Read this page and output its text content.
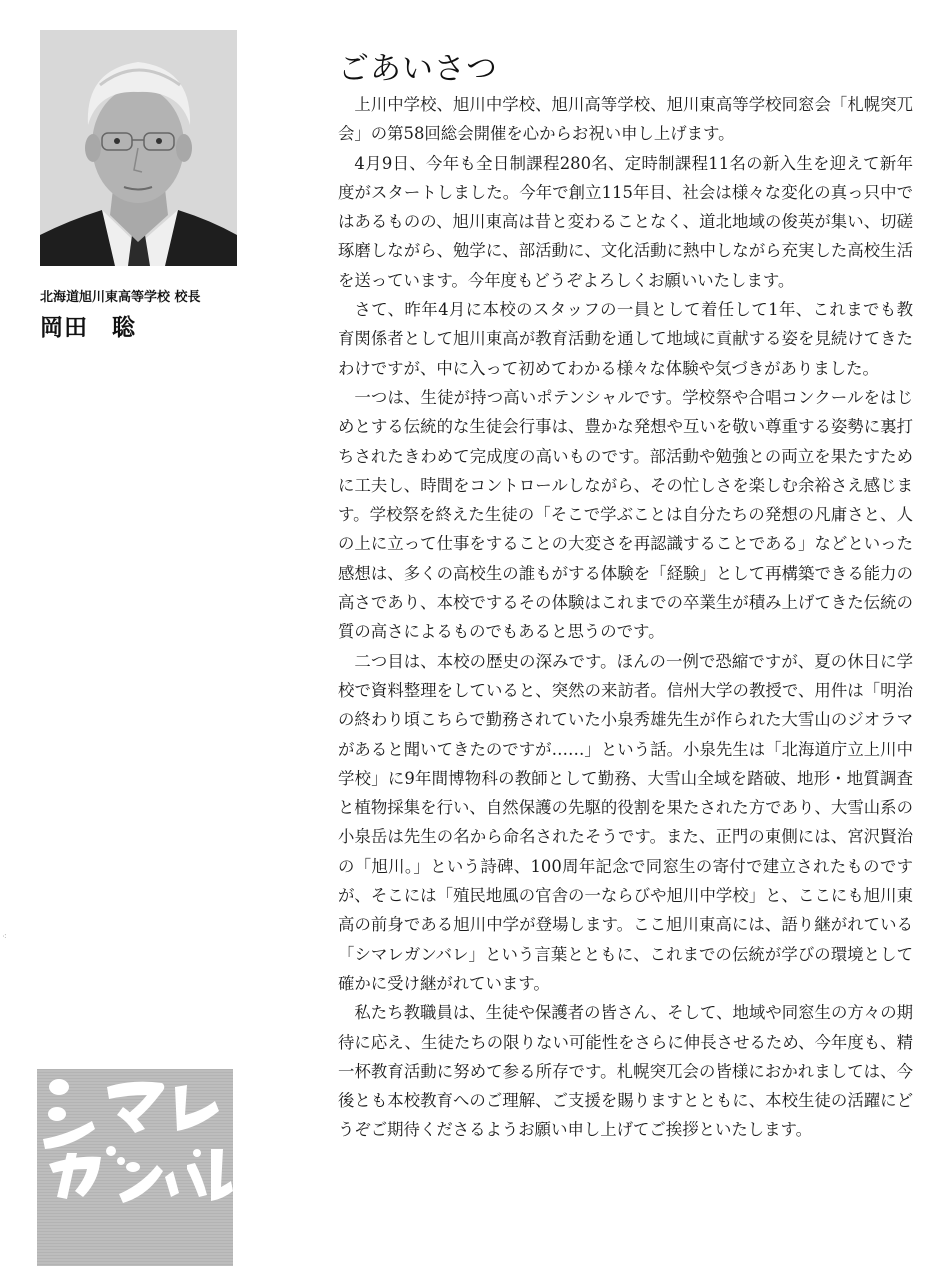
北海道旭川東高等学校 校長
岡田　聡
⁖
ごあいさつ

上川中学校、旭川中学校、旭川高等学校、旭川東高等学校同窓会「札幌突兀会」の第58回総会開催を心からお祝い申し上げます。

4月9日、今年も全日制課程280名、定時制課程11名の新入生を迎えて新年度がスタートしました。今年で創立115年目、社会は様々な変化の真っ只中ではあるものの、旭川東高は昔と変わることなく、道北地域の俊英が集い、切磋琢磨しながら、勉学に、部活動に、文化活動に熱中しながら充実した高校生活を送っています。今年度もどうぞよろしくお願いいたします。

さて、昨年4月に本校のスタッフの一員として着任して1年、これまでも教育関係者として旭川東高が教育活動を通して地域に貢献する姿を見続けてきたわけですが、中に入って初めてわかる様々な体験や気づきがありました。

一つは、生徒が持つ高いポテンシャルです。学校祭や合唱コンクールをはじめとする伝統的な生徒会行事は、豊かな発想や互いを敬い尊重する姿勢に裏打ちされたきわめて完成度の高いものです。部活動や勉強との両立を果たすために工夫し、時間をコントロールしながら、その忙しさを楽しむ余裕さえ感じます。学校祭を終えた生徒の「そこで学ぶことは自分たちの発想の凡庸さと、人の上に立って仕事をすることの大変さを再認識することである」などといった感想は、多くの高校生の誰もがする体験を「経験」として再構築できる能力の高さであり、本校でするその体験はこれまでの卒業生が積み上げてきた伝統の質の高さによるものでもあると思うのです。

二つ目は、本校の歴史の深みです。ほんの一例で恐縮ですが、夏の休日に学校で資料整理をしていると、突然の来訪者。信州大学の教授で、用件は「明治の終わり頃こちらで勤務されていた小泉秀雄先生が作られた大雪山のジオラマがあると聞いてきたのですが……」という話。小泉先生は「北海道庁立上川中学校」に9年間博物科の教師として勤務、大雪山全域を踏破、地形・地質調査と植物採集を行い、自然保護の先駆的役割を果たされた方であり、大雪山系の小泉岳は先生の名から命名されたそうです。また、正門の東側には、宮沢賢治の「旭川。」という詩碑、100周年記念で同窓生の寄付で建立されたものですが、そこには「殖民地風の官舎の一ならびや旭川中学校」と、ここにも旭川東高の前身である旭川中学が登場します。ここ旭川東高には、語り継がれている「シマレガンバレ」という言葉とともに、これまでの伝統が学びの環境として確かに受け継がれています。

私たち教職員は、生徒や保護者の皆さん、そして、地域や同窓生の方々の期待に応え、生徒たちの限りない可能性をさらに伸長させるため、今年度も、精一杯教育活動に努めて参る所存です。札幌突兀会の皆様におかれましては、今後とも本校教育へのご理解、ご支援を賜りますとともに、本校生徒の活躍にどうぞご期待くださるようお願い申し上げてご挨拶といたします。
